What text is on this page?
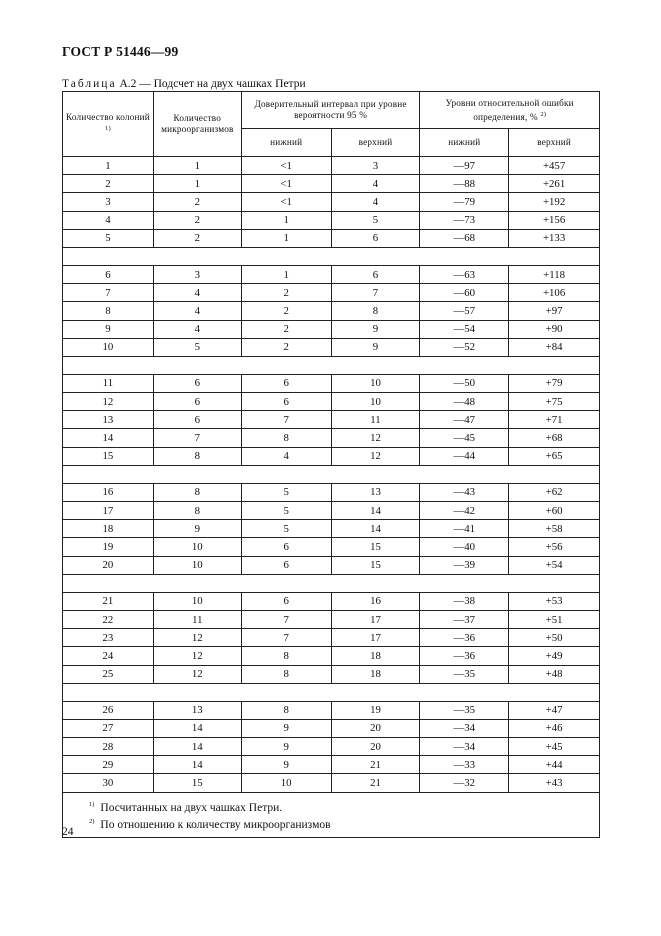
ГОСТ Р 51446—99
Таблица А.2 — Подсчет на двух чашках Петри
Количество колоний $^{1)}$	Количество микроорганизмов	Доверительный интервал при уровне вероятности 95 %		Уровни относительной ошибки определения, % $^{2)}$
		нижний	верхний	нижний	верхний
1	1	<1	3	—97	+457
2	1	<1	4	—88	+261
3	2	<1	4	—79	+192
4	2	1	5	—73	+156
5	2	1	6	—68	+133

6	3	1	6	—63	+118
7	4	2	7	—60	+106
8	4	2	8	—57	+97
9	4	2	9	—54	+90
10	5	2	9	—52	+84

11	6	6	10	—50	+79
12	6	6	10	—48	+75
13	6	7	11	—47	+71
14	7	8	12	—45	+68
15	8	4	12	—44	+65

16	8	5	13	—43	+62
17	8	5	14	—42	+60
18	9	5	14	—41	+58
19	10	6	15	—40	+56
20	10	6	15	—39	+54

21	10	6	16	—38	+53
22	11	7	17	—37	+51
23	12	7	17	—36	+50
24	12	8	18	—36	+49
25	12	8	18	—35	+48

26	13	8	19	—35	+47
27	14	9	20	—34	+46
28	14	9	20	—34	+45
29	14	9	21	—33	+44
30	15	10	21	—32	+43

$^{1)}$ Посчитанных на двух чашках Петри.
$^{2)}$ По отношению к количеству микроорганизмов					
24
